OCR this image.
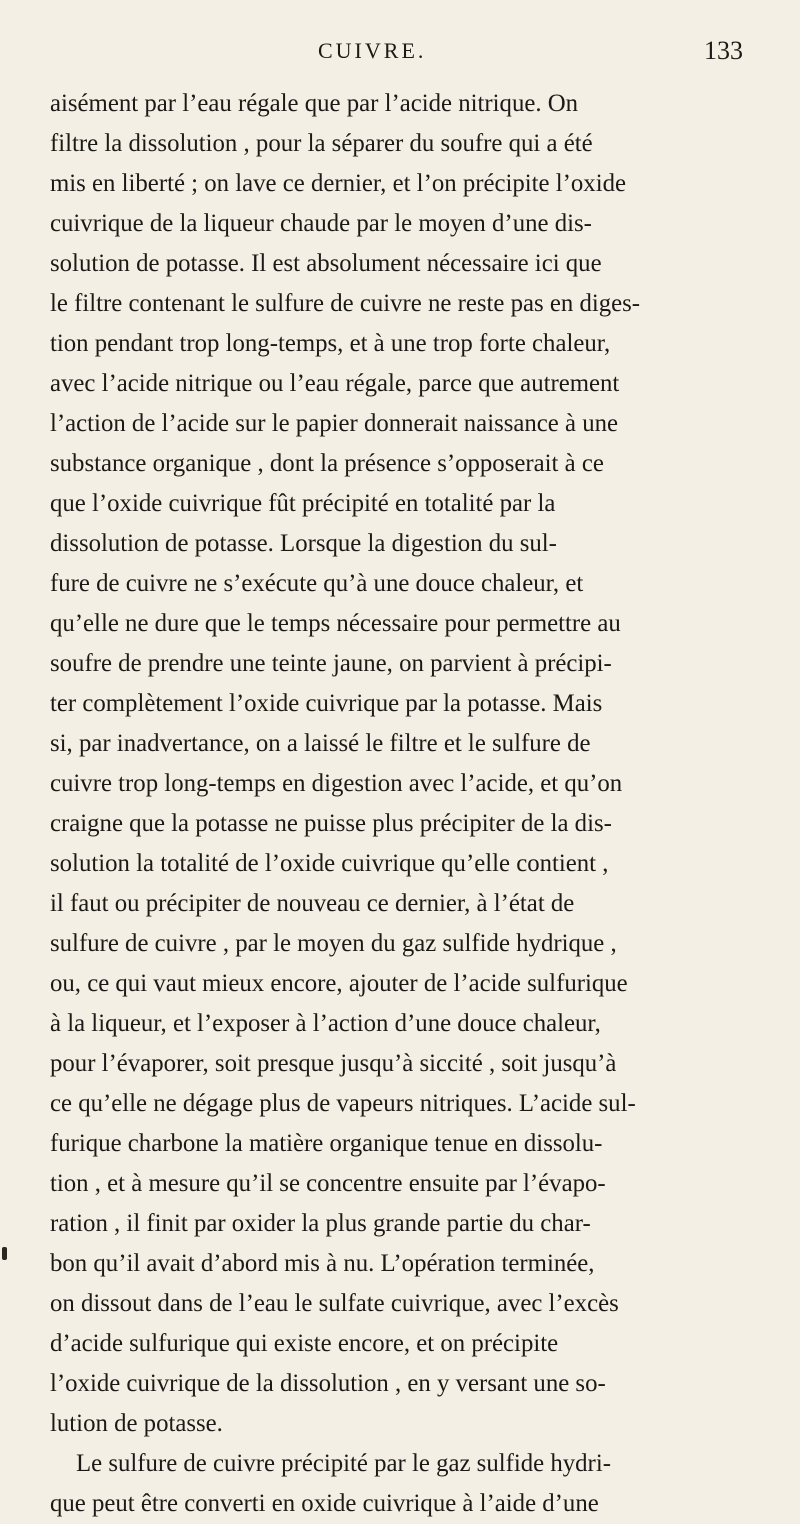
CUIVRE.	133
aisément par l’eau régale que par l’acide nitrique. On
filtre la dissolution , pour la séparer du soufre qui a été
mis en liberté ; on lave ce dernier, et l’on précipite l’oxide
cuivrique de la liqueur chaude par le moyen d’une dis-
solution de potasse. Il est absolument nécessaire ici que
le filtre contenant le sulfure de cuivre ne reste pas en diges-
tion pendant trop long-temps, et à une trop forte chaleur,
avec l’acide nitrique ou l’eau régale, parce que autrement
l’action de l’acide sur le papier donnerait naissance à une
substance organique , dont la présence s’opposerait à ce
que l’oxide cuivrique fût précipité en totalité par la
dissolution de potasse. Lorsque la digestion du sul-
fure de cuivre ne s’exécute qu’à une douce chaleur, et
qu’elle ne dure que le temps nécessaire pour permettre au
soufre de prendre une teinte jaune, on parvient à précipi-
ter complètement l’oxide cuivrique par la potasse. Mais
si, par inadvertance, on a laissé le filtre et le sulfure de
cuivre trop long-temps en digestion avec l’acide, et qu’on
craigne que la potasse ne puisse plus précipiter de la dis-
solution la totalité de l’oxide cuivrique qu’elle contient ,
il faut ou précipiter de nouveau ce dernier, à l’état de
sulfure de cuivre , par le moyen du gaz sulfide hydrique ,
ou, ce qui vaut mieux encore, ajouter de l’acide sulfurique
à la liqueur, et l’exposer à l’action d’une douce chaleur,
pour l’évaporer, soit presque jusqu’à siccité , soit jusqu’à
ce qu’elle ne dégage plus de vapeurs nitriques. L’acide sul-
furique charbone la matière organique tenue en dissolu-
tion , et à mesure qu’il se concentre ensuite par l’évapo-
ration , il finit par oxider la plus grande partie du char-
bon qu’il avait d’abord mis à nu. L’opération terminée,
on dissout dans de l’eau le sulfate cuivrique, avec l’excès
d’acide sulfurique qui existe encore, et on précipite
l’oxide cuivrique de la dissolution , en y versant une so-
lution de potasse.
Le sulfure de cuivre précipité par le gaz sulfide hydri-
que peut être converti en oxide cuivrique à l’aide d’une
